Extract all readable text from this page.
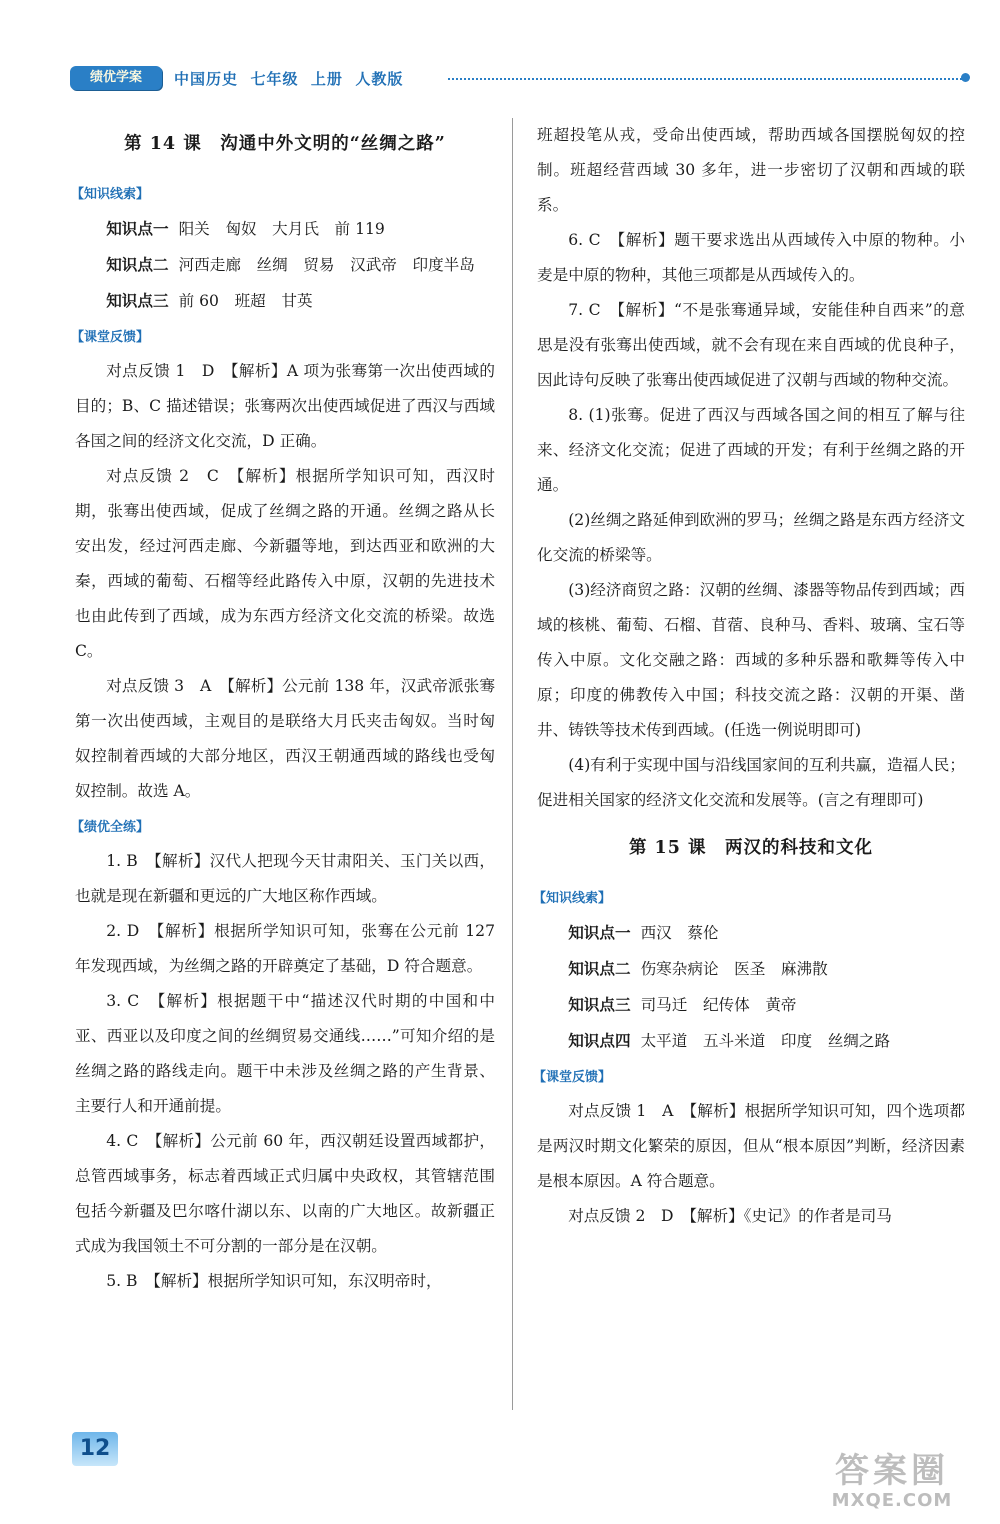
绩优学案	中国历史  七年级  上册  人教版
第 14 课　沟通中外文明的“丝绸之路”
【知识线索】

知识点一 阳关　匈奴　大月氏　前 119

知识点二 河西走廊　丝绸　贸易　汉武帝　印度半岛

知识点三 前 60　班超　甘英

【课堂反馈】

对点反馈 1　D　【解析】A 项为张骞第一次出使西域的目的；B、C 描述错误；张骞两次出使西域促进了西汉与西域各国之间的经济文化交流，D 正确。

对点反馈 2　C　【解析】根据所学知识可知，西汉时期，张骞出使西域，促成了丝绸之路的开通。丝绸之路从长安出发，经过河西走廊、今新疆等地，到达西亚和欧洲的大秦，西域的葡萄、石榴等经此路传入中原，汉朝的先进技术也由此传到了西域，成为东西方经济文化交流的桥梁。故选 C。

对点反馈 3　A　【解析】公元前 138 年，汉武帝派张骞第一次出使西域，主观目的是联络大月氏夹击匈奴。当时匈奴控制着西域的大部分地区，西汉王朝通西域的路线也受匈奴控制。故选 A。

【绩优全练】

1. B　【解析】汉代人把现今天甘肃阳关、玉门关以西，也就是现在新疆和更远的广大地区称作西域。

2. D　【解析】根据所学知识可知，张骞在公元前 127 年发现西域，为丝绸之路的开辟奠定了基础，D 符合题意。

3. C　【解析】根据题干中“描述汉代时期的中国和中亚、西亚以及印度之间的丝绸贸易交通线……”可知介绍的是丝绸之路的路线走向。题干中未涉及丝绸之路的产生背景、主要行人和开通前提。

4. C　【解析】公元前 60 年，西汉朝廷设置西域都护，总管西域事务，标志着西域正式归属中央政权，其管辖范围包括今新疆及巴尔喀什湖以东、以南的广大地区。故新疆正式成为我国领土不可分割的一部分是在汉朝。

5. B　【解析】根据所学知识可知，东汉明帝时，

班超投笔从戎，受命出使西域，帮助西域各国摆脱匈奴的控制。班超经营西域 30 多年，进一步密切了汉朝和西域的联系。

6. C　【解析】题干要求选出从西域传入中原的物种。小麦是中原的物种，其他三项都是从西域传入的。

7. C　【解析】“不是张骞通异域，安能佳种自西来”的意思是没有张骞出使西域，就不会有现在来自西域的优良种子，因此诗句反映了张骞出使西域促进了汉朝与西域的物种交流。

8. (1)张骞。促进了西汉与西域各国之间的相互了解与往来、经济文化交流；促进了西域的开发；有利于丝绸之路的开通。

(2)丝绸之路延伸到欧洲的罗马；丝绸之路是东西方经济文化交流的桥梁等。

(3)经济商贸之路：汉朝的丝绸、漆器等物品传到西域；西域的核桃、葡萄、石榴、苜蓿、良种马、香料、玻璃、宝石等传入中原。文化交融之路：西域的多种乐器和歌舞等传入中原；印度的佛教传入中国；科技交流之路：汉朝的开渠、凿井、铸铁等技术传到西域。(任选一例说明即可)

(4)有利于实现中国与沿线国家间的互利共赢，造福人民；促进相关国家的经济文化交流和发展等。(言之有理即可)

第 15 课　两汉的科技和文化
【知识线索】

知识点一 西汉　蔡伦

知识点二 伤寒杂病论　医圣　麻沸散

知识点三 司马迁　纪传体　黄帝

知识点四 太平道　五斗米道　印度　丝绸之路

【课堂反馈】

对点反馈 1　A　【解析】根据所学知识可知，四个选项都是两汉时期文化繁荣的原因，但从“根本原因”判断，经济因素是根本原因。A 符合题意。

对点反馈 2　D　【解析】《史记》的作者是司马

12
答案圈
MXQE.COM
